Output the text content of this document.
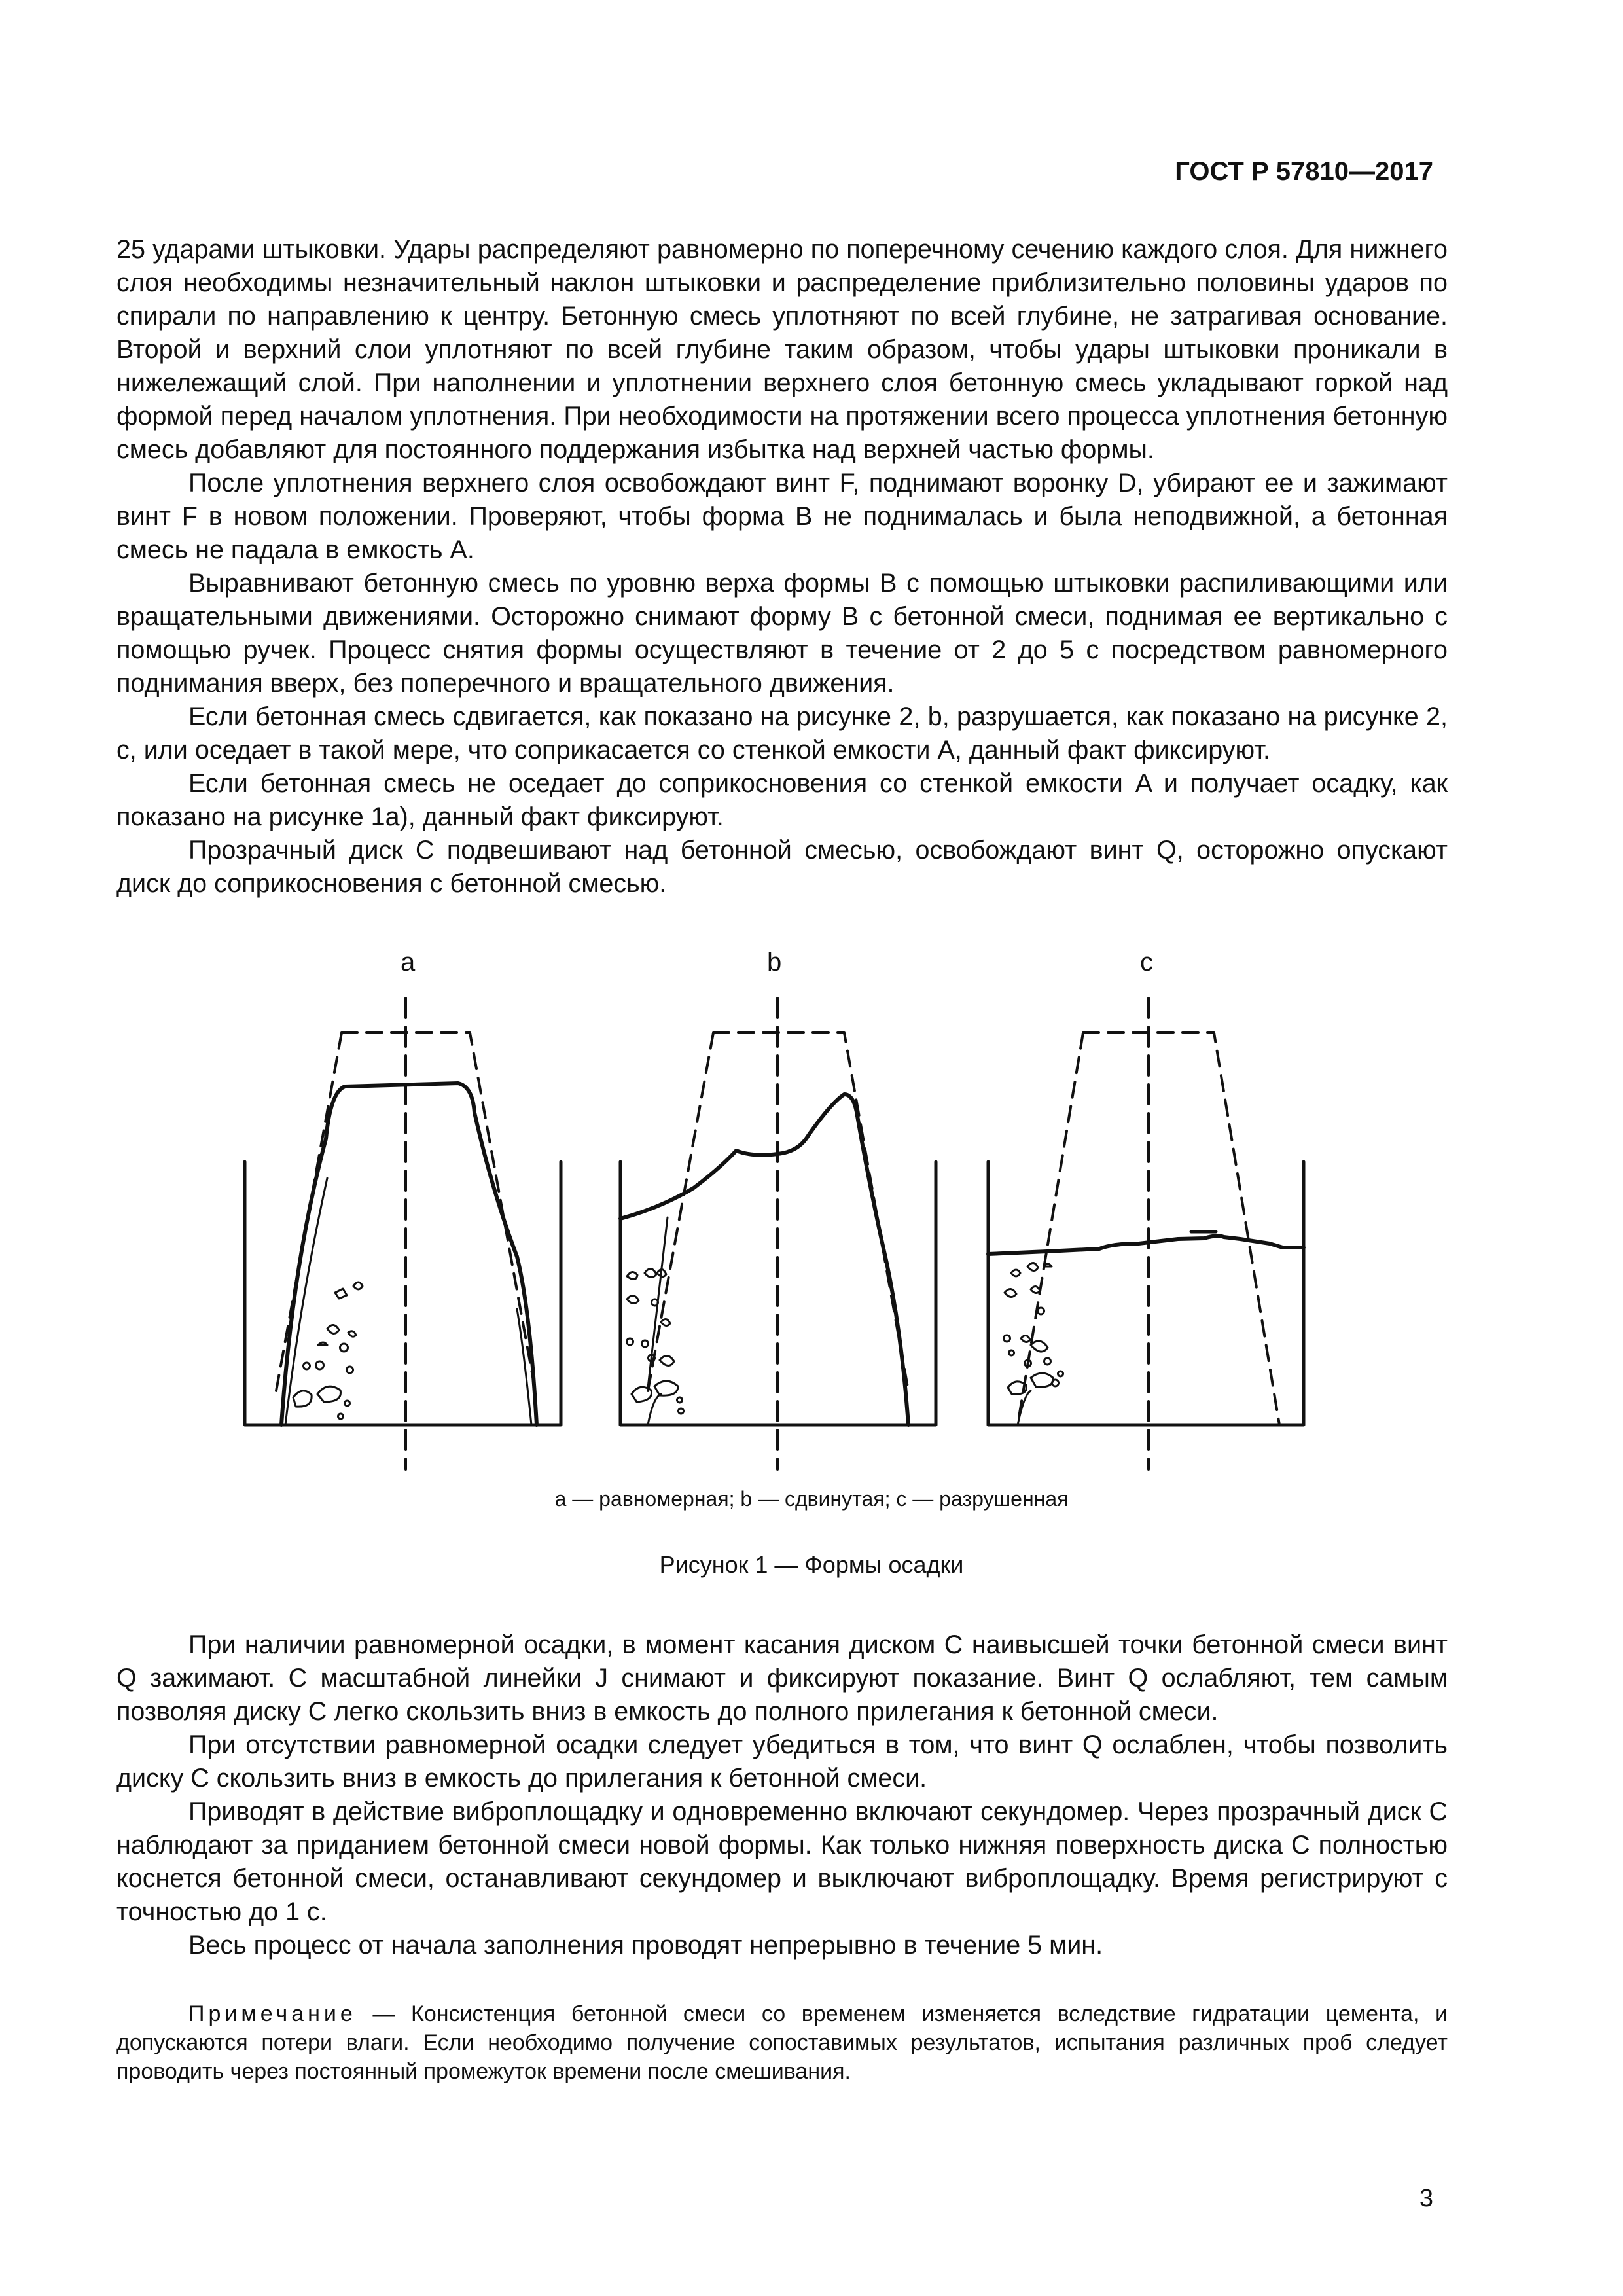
ГОСТ Р 57810—2017

25 ударами штыковки. Удары распределяют равномерно по поперечному сечению каждого слоя. Для нижнего слоя необходимы незначительный наклон штыковки и распределение приблизительно половины ударов по спирали по направлению к центру. Бетонную смесь уплотняют по всей глубине, не затрагивая основание. Второй и верхний слои уплотняют по всей глубине таким образом, чтобы удары штыковки проникали в нижележащий слой. При наполнении и уплотнении верхнего слоя бетонную смесь укладывают горкой над формой перед началом уплотнения. При необходимости на протяжении всего процесса уплотнения бетонную смесь добавляют для постоянного поддержания избытка над верхней частью формы.

После уплотнения верхнего слоя освобождают винт F, поднимают воронку D, убирают ее и зажимают винт F в новом положении. Проверяют, чтобы форма B не поднималась и была неподвижной, а бетонная смесь не падала в емкость A.

Выравнивают бетонную смесь по уровню верха формы B с помощью штыковки распиливающими или вращательными движениями. Осторожно снимают форму B с бетонной смеси, поднимая ее вертикально с помощью ручек. Процесс снятия формы осуществляют в течение от 2 до 5 с посредством равномерного поднимания вверх, без поперечного и вращательного движения.

Если бетонная смесь сдвигается, как показано на рисунке 2, b, разрушается, как показано на рисунке 2, c, или оседает в такой мере, что соприкасается со стенкой емкости A, данный факт фиксируют.

Если бетонная смесь не оседает до соприкосновения со стенкой емкости A и получает осадку, как показано на рисунке 1a), данный факт фиксируют.

Прозрачный диск C подвешивают над бетонной смесью, освобождают винт Q, осторожно опускают диск до соприкосновения с бетонной смесью.

a	b	c
а — равномерная; b — сдвинутая; с — разрушенная
Рисунок 1 — Формы осадки

При наличии равномерной осадки, в момент касания диском C наивысшей точки бетонной смеси винт Q зажимают. С масштабной линейки J снимают и фиксируют показание. Винт Q ослабляют, тем самым позволяя диску C легко скользить вниз в емкость до полного прилегания к бетонной смеси.

При отсутствии равномерной осадки следует убедиться в том, что винт Q ослаблен, чтобы позволить диску C скользить вниз в емкость до прилегания к бетонной смеси.

Приводят в действие виброплощадку и одновременно включают секундомер. Через прозрачный диск C наблюдают за приданием бетонной смеси новой формы. Как только нижняя поверхность диска C полностью коснется бетонной смеси, останавливают секундомер и выключают виброплощадку. Время регистрируют с точностью до 1 с.

Весь процесс от начала заполнения проводят непрерывно в течение 5 мин.

Примечание — Консистенция бетонной смеси со временем изменяется вследствие гидратации цемента, и допускаются потери влаги. Если необходимо получение сопоставимых результатов, испытания различных проб следует проводить через постоянный промежуток времени после смешивания.
3
